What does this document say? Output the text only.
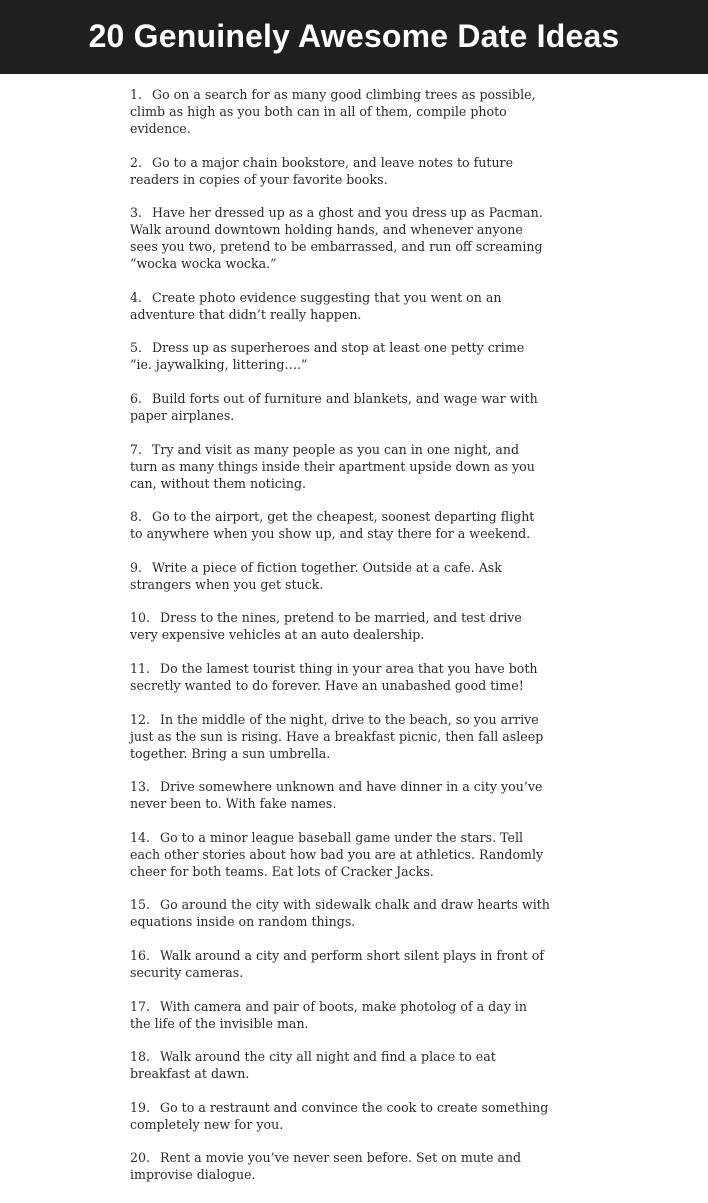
20 Genuinely Awesome Date Ideas
1. Go on a search for as many good climbing trees as possible, climb as high as you both can in all of them, compile photo evidence.
2. Go to a major chain bookstore, and leave notes to future readers in copies of your favorite books.
3. Have her dressed up as a ghost and you dress up as Pacman. Walk around downtown holding hands, and whenever anyone sees you two, pretend to be embarrassed, and run off screaming “wocka wocka wocka.”
4. Create photo evidence suggesting that you went on an adventure that didn’t really happen.
5. Dress up as superheroes and stop at least one petty crime “ie. jaywalking, littering….”
6. Build forts out of furniture and blankets, and wage war with paper airplanes.
7. Try and visit as many people as you can in one night, and turn as many things inside their apartment upside down as you can, without them noticing.
8. Go to the airport, get the cheapest, soonest departing flight to anywhere when you show up, and stay there for a weekend.
9. Write a piece of fiction together. Outside at a cafe. Ask strangers when you get stuck.
10. Dress to the nines, pretend to be married, and test drive very expensive vehicles at an auto dealership.
11. Do the lamest tourist thing in your area that you have both secretly wanted to do forever. Have an unabashed good time!
12. In the middle of the night, drive to the beach, so you arrive just as the sun is rising. Have a breakfast picnic, then fall asleep together. Bring a sun umbrella.
13. Drive somewhere unknown and have dinner in a city you’ve never been to. With fake names.
14. Go to a minor league baseball game under the stars. Tell each other stories about how bad you are at athletics. Randomly cheer for both teams. Eat lots of Cracker Jacks.
15. Go around the city with sidewalk chalk and draw hearts with equations inside on random things.
16. Walk around a city and perform short silent plays in front of security cameras.
17. With camera and pair of boots, make photolog of a day in the life of the invisible man.
18. Walk around the city all night and find a place to eat breakfast at dawn.
19. Go to a restraunt and convince the cook to create something completely new for you.
20. Rent a movie you’ve never seen before. Set on mute and improvise dialogue.
